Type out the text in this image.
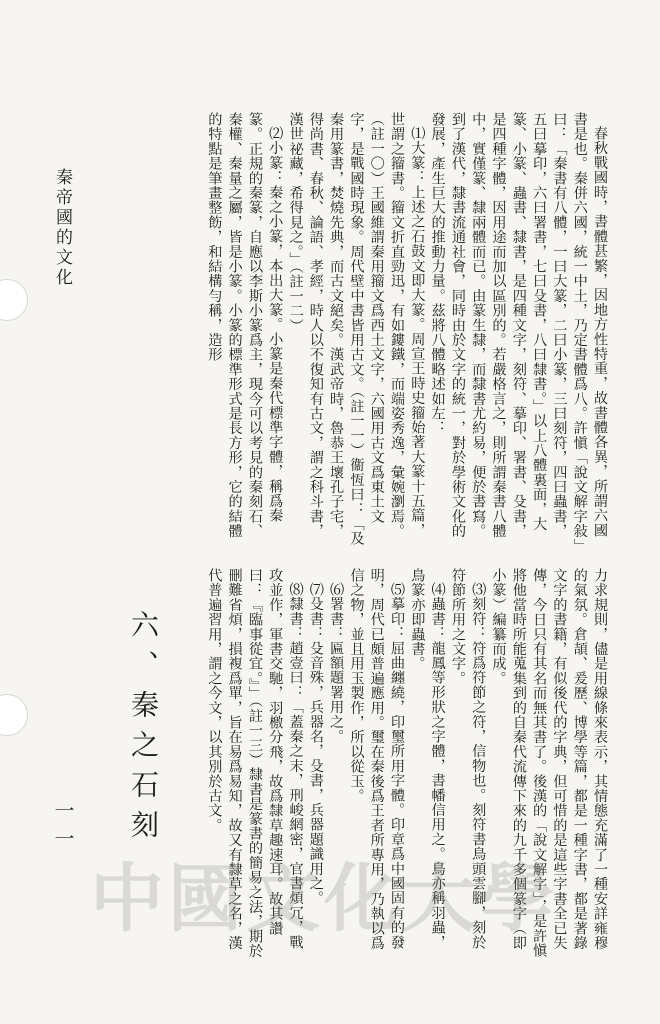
秦帝國的文化
一一

春秋戰國時，書體甚繁，因地方性特重，故書體各異，所謂六國書是也。秦併六國，統一中土，乃定書體爲八。許愼「說文解字敍」曰：「秦書有八體，一曰大篆，二曰小篆，三曰刻符，四曰蟲書，五曰摹印，六曰署書，七曰殳書，八曰隸書。」以上八體裏面，大篆、小篆、蟲書、隸書，是四種文字，刻符、摹印、署書、殳書，是四種字體，因用途而加以區別的。若嚴格言之，則所謂秦書八體中，實僅篆、隸兩體而已。由篆生隸，而隸書尤約易，便於書寫。到了漢代，隸書流通社會，同時由於文字的統一，對於學術文化的發展，產生巨大的推動力量。茲將八體略述如左：

⑴大篆：上述之石鼓文即大篆。周宣王時史籀始著大篆十五篇，世謂之籀書。籀文折直勁迅，有如鏤鐵，而端姿秀逸，彙婉瀏焉。（註一〇）王國維謂秦用籀文爲西土文字，六國用古文爲東土文字，是戰國時現象。周代壁中書皆用古文。（註一一）衞恆曰：「及秦用篆書，焚燒先典，而古文絕矣。漢武帝時，魯恭王壞孔子宅，得尚書、春秋、論語、孝經，時人以不復知有古文，謂之科斗書，漢世祕藏，希得見之。」（註一二）

⑵小篆：秦之小篆，本出大篆。小篆是秦代標準字體，稱爲秦篆。正規的秦篆，自應以李斯小篆爲主，現今可以考見的秦刻石、秦權、秦量之屬，皆是小篆。小篆的標準形式是長方形，它的結體的特點是筆畫整飭，和結構勻稱，造形

力求規則，儘是用線條來表示，其情態充滿了一種安詳雍穆的氣氛。倉頡、爰歷、博學等篇，都是一種字書，都是著錄文字的書籍，有似後代的字典，但可惜的是這些字書全已失傳，今日只有其名而無其書了。後漢的「說文解字」，是許愼將他當時所能蒐集到的自秦代流傳下來的九千多個篆字（即小篆）編纂而成。

⑶刻符：符爲符節之符，信物也。刻符書鳥頭雲腳，刻於符節所用之文字。

⑷蟲書：龍鳳等形狀之字體，書幡信用之。鳥亦稱羽蟲，鳥篆亦即蟲書。

⑸摹印：屈曲纏繞，印璽所用字體。印章爲中國固有的發明，周代已頗普遍應用。璽在秦後爲王者所專用，乃執以爲信之物，並且用玉製作，所以從玉。

⑹署書：匾額題署用之。

⑺殳書：殳音殊，兵器名，殳書，兵器題識用之。

⑻隸書：趙壹曰：「蓋秦之末，刑峻網密，官書煩冗，戰攻並作，軍書交馳，羽檄分飛，故爲隸草趣速耳。故其讚曰：『臨事從宜。』」（註一三）隸書是篆書的簡易之法，期於刪難省煩，損複爲單，旨在易爲易知，故又有隸草之名，漢代普遍習用，謂之今文，以其別於古文。

六、秦之石刻
中國文化大學
